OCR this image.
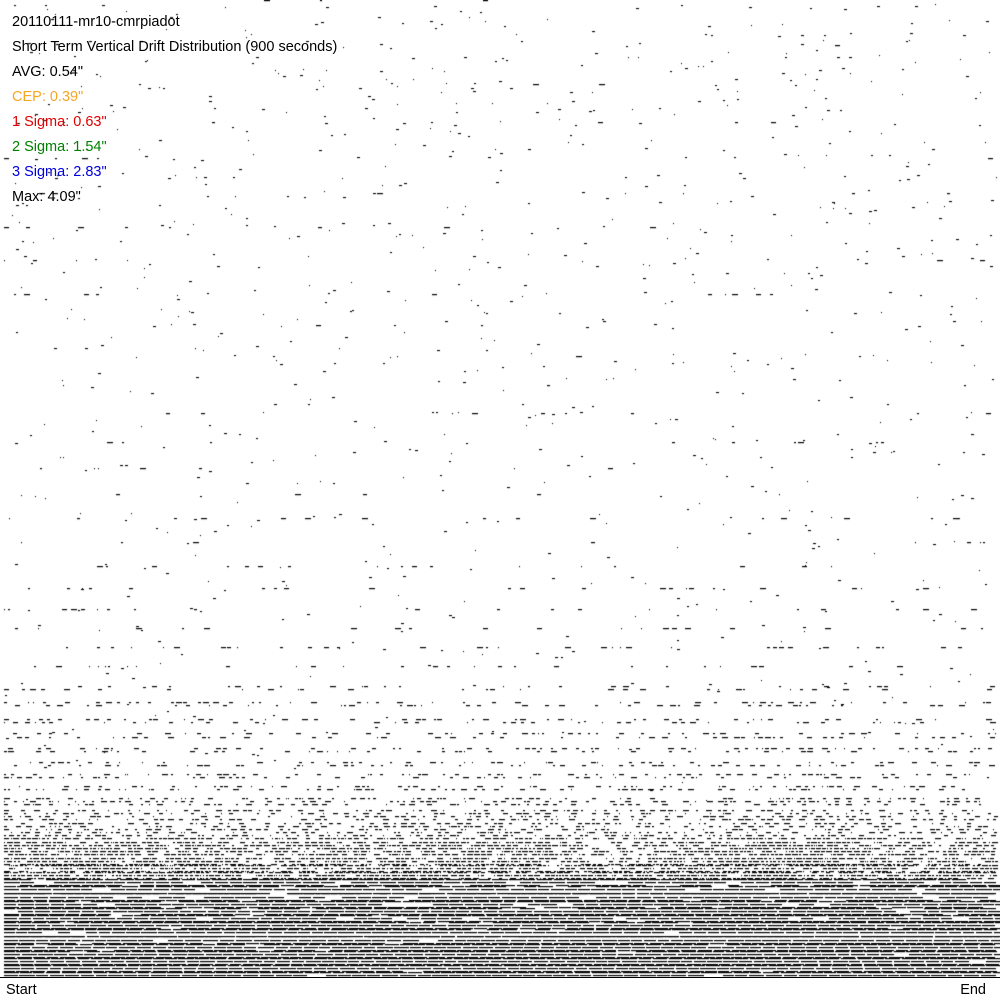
20110111-mr10-cmrpiadot
Short Term Vertical Drift Distribution (900 seconds)
AVG: 0.54"
CEP: 0.39"
1 Sigma: 0.63"
2 Sigma: 1.54"
3 Sigma: 2.83"
Max: 4.09"
